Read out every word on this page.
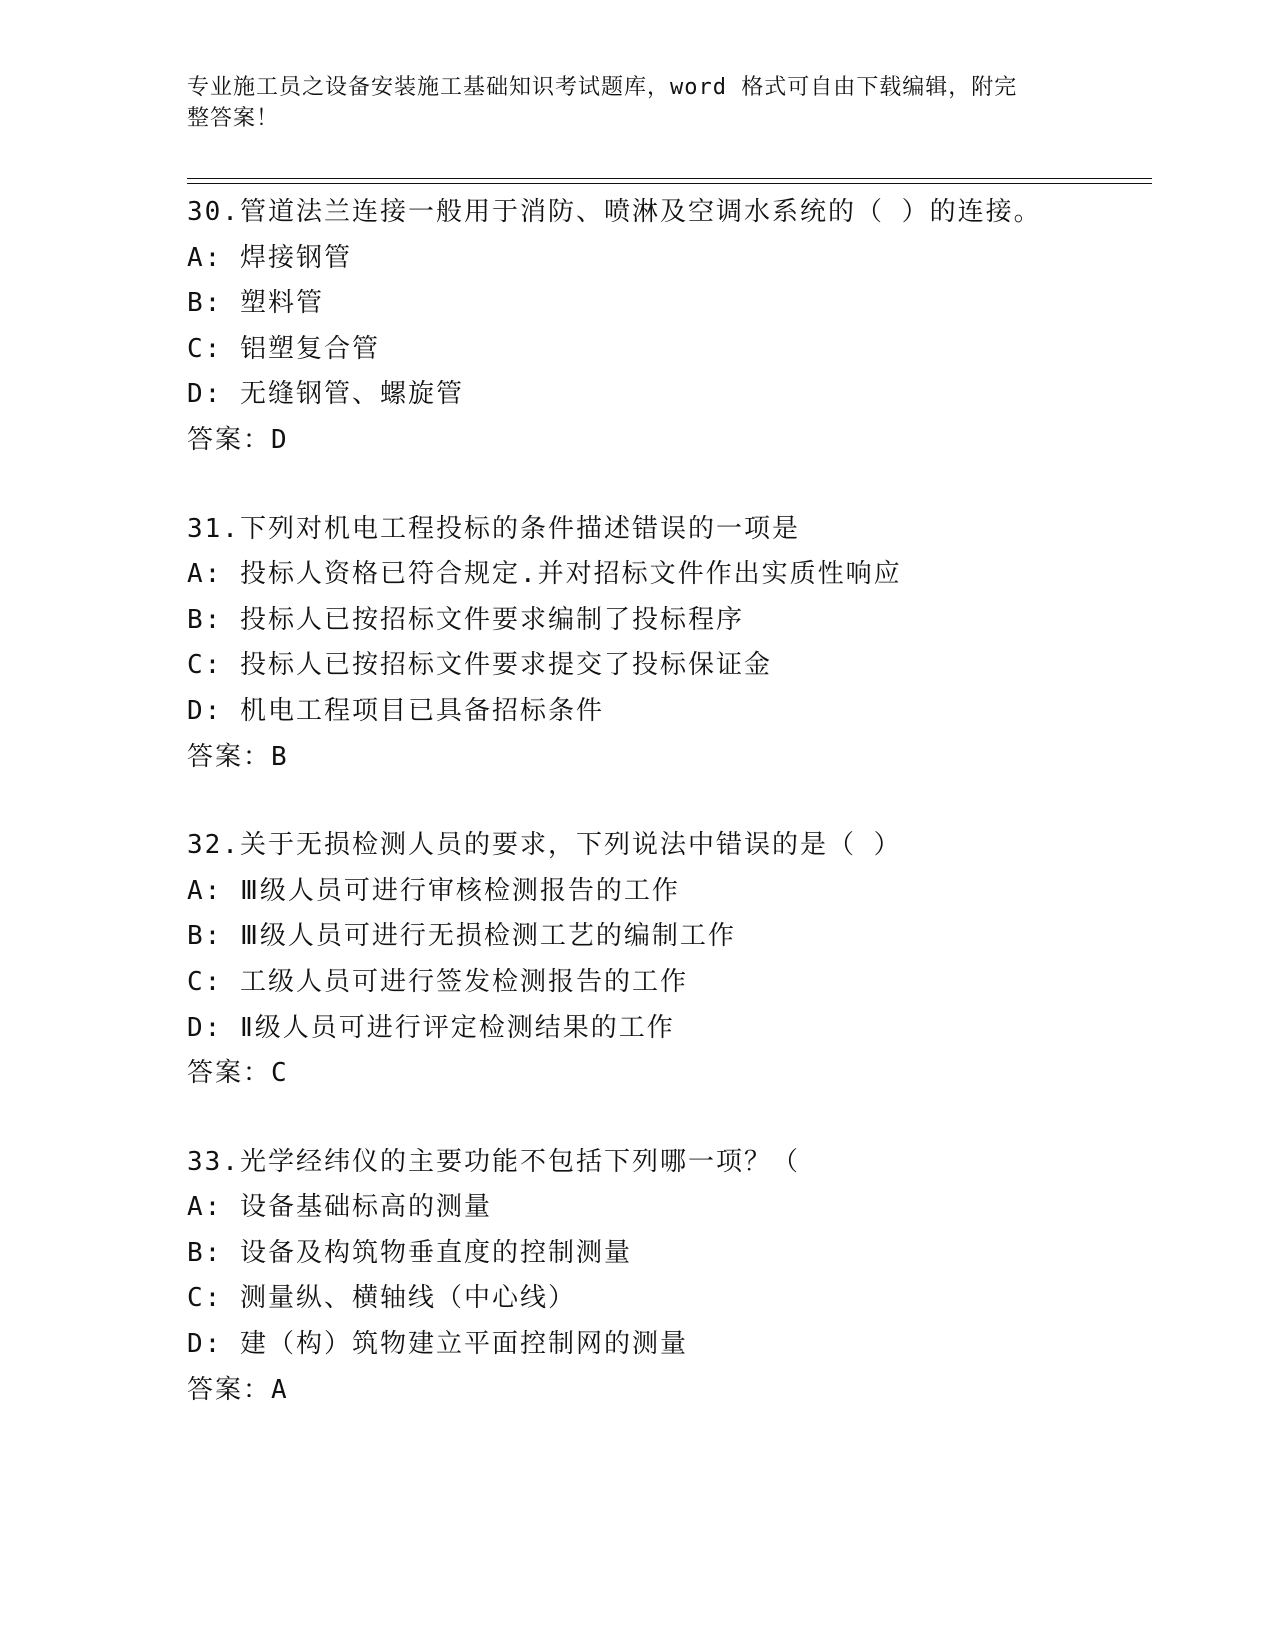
专业施工员之设备安装施工基础知识考试题库，word 格式可自由下载编辑，附完
整答案！
30.管道法兰连接一般用于消防、喷淋及空调水系统的（ ）的连接。
A: 焊接钢管
B: 塑料管
C: 铝塑复合管
D: 无缝钢管、螺旋管
答案：D
31.下列对机电工程投标的条件描述错误的一项是
A: 投标人资格已符合规定.并对招标文件作出实质性响应
B: 投标人已按招标文件要求编制了投标程序
C: 投标人已按招标文件要求提交了投标保证金
D: 机电工程项目已具备招标条件
答案：B
32.关于无损检测人员的要求，下列说法中错误的是（ ）
A: Ⅲ级人员可进行审核检测报告的工作
B: Ⅲ级人员可进行无损检测工艺的编制工作
C: 工级人员可进行签发检测报告的工作
D: Ⅱ级人员可进行评定检测结果的工作
答案：C
33.光学经纬仪的主要功能不包括下列哪一项？（
A: 设备基础标高的测量
B: 设备及构筑物垂直度的控制测量
C: 测量纵、横轴线（中心线）
D: 建（构）筑物建立平面控制网的测量
答案：A
